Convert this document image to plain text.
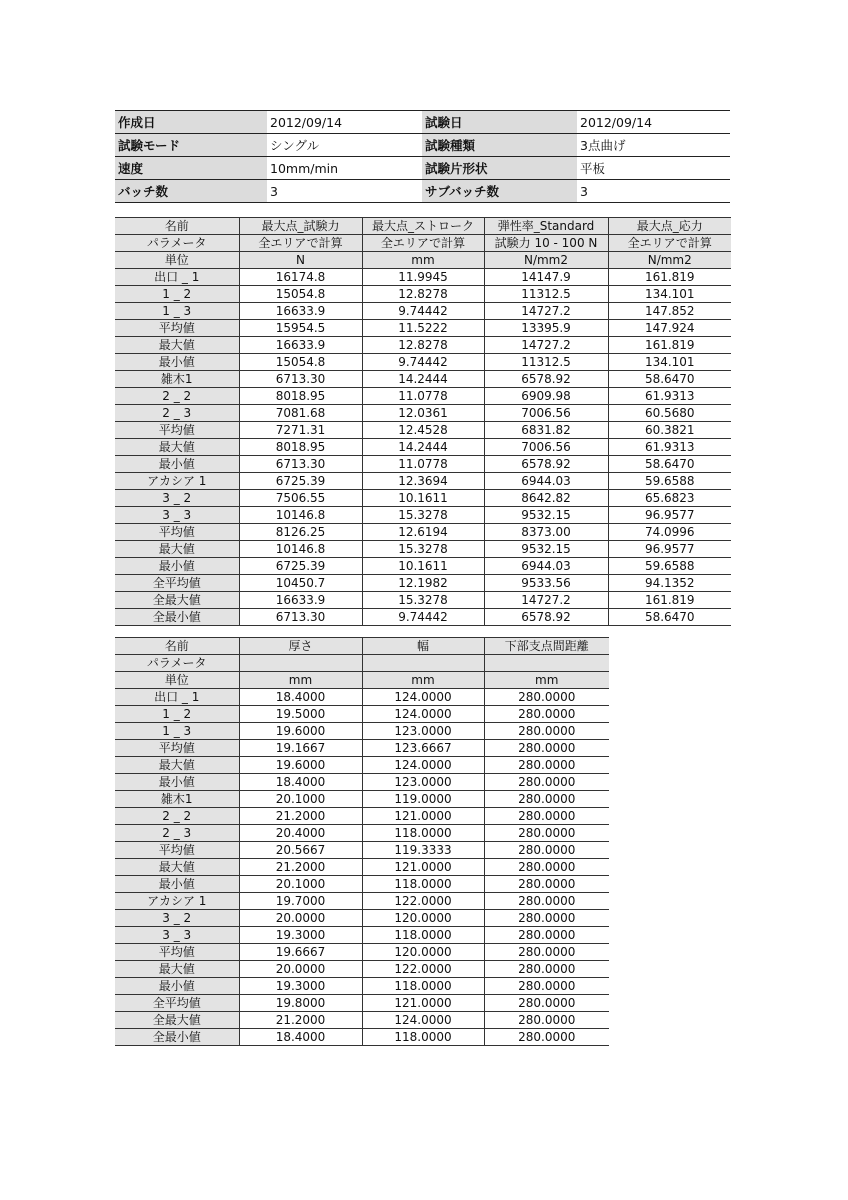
作成日	2012/09/14	試験日	2012/09/14
試験モード	シングル	試験種類	3点曲げ
速度	10mm/min	試験片形状	平板
バッチ数	3	サブバッチ数	3
名前	最大点_試験力	最大点_ストローク	弾性率_Standard	最大点_応力
パラメータ	全エリアで計算	全エリアで計算	試験力 10 - 100 N	全エリアで計算
単位	N	mm	N/mm2	N/mm2
出口 _ 1	16174.8	11.9945	14147.9	161.819
1 _ 2	15054.8	12.8278	11312.5	134.101
1 _ 3	16633.9	9.74442	14727.2	147.852
平均値	15954.5	11.5222	13395.9	147.924
最大値	16633.9	12.8278	14727.2	161.819
最小値	15054.8	9.74442	11312.5	134.101
雑木1	6713.30	14.2444	6578.92	58.6470
2 _ 2	8018.95	11.0778	6909.98	61.9313
2 _ 3	7081.68	12.0361	7006.56	60.5680
平均値	7271.31	12.4528	6831.82	60.3821
最大値	8018.95	14.2444	7006.56	61.9313
最小値	6713.30	11.0778	6578.92	58.6470
アカシア 1	6725.39	12.3694	6944.03	59.6588
3 _ 2	7506.55	10.1611	8642.82	65.6823
3 _ 3	10146.8	15.3278	9532.15	96.9577
平均値	8126.25	12.6194	8373.00	74.0996
最大値	10146.8	15.3278	9532.15	96.9577
最小値	6725.39	10.1611	6944.03	59.6588
全平均値	10450.7	12.1982	9533.56	94.1352
全最大値	16633.9	15.3278	14727.2	161.819
全最小値	6713.30	9.74442	6578.92	58.6470
名前	厚さ	幅	下部支点間距離
パラメータ			
単位	mm	mm	mm
出口 _ 1	18.4000	124.0000	280.0000
1 _ 2	19.5000	124.0000	280.0000
1 _ 3	19.6000	123.0000	280.0000
平均値	19.1667	123.6667	280.0000
最大値	19.6000	124.0000	280.0000
最小値	18.4000	123.0000	280.0000
雑木1	20.1000	119.0000	280.0000
2 _ 2	21.2000	121.0000	280.0000
2 _ 3	20.4000	118.0000	280.0000
平均値	20.5667	119.3333	280.0000
最大値	21.2000	121.0000	280.0000
最小値	20.1000	118.0000	280.0000
アカシア 1	19.7000	122.0000	280.0000
3 _ 2	20.0000	120.0000	280.0000
3 _ 3	19.3000	118.0000	280.0000
平均値	19.6667	120.0000	280.0000
最大値	20.0000	122.0000	280.0000
最小値	19.3000	118.0000	280.0000
全平均値	19.8000	121.0000	280.0000
全最大値	21.2000	124.0000	280.0000
全最小値	18.4000	118.0000	280.0000
